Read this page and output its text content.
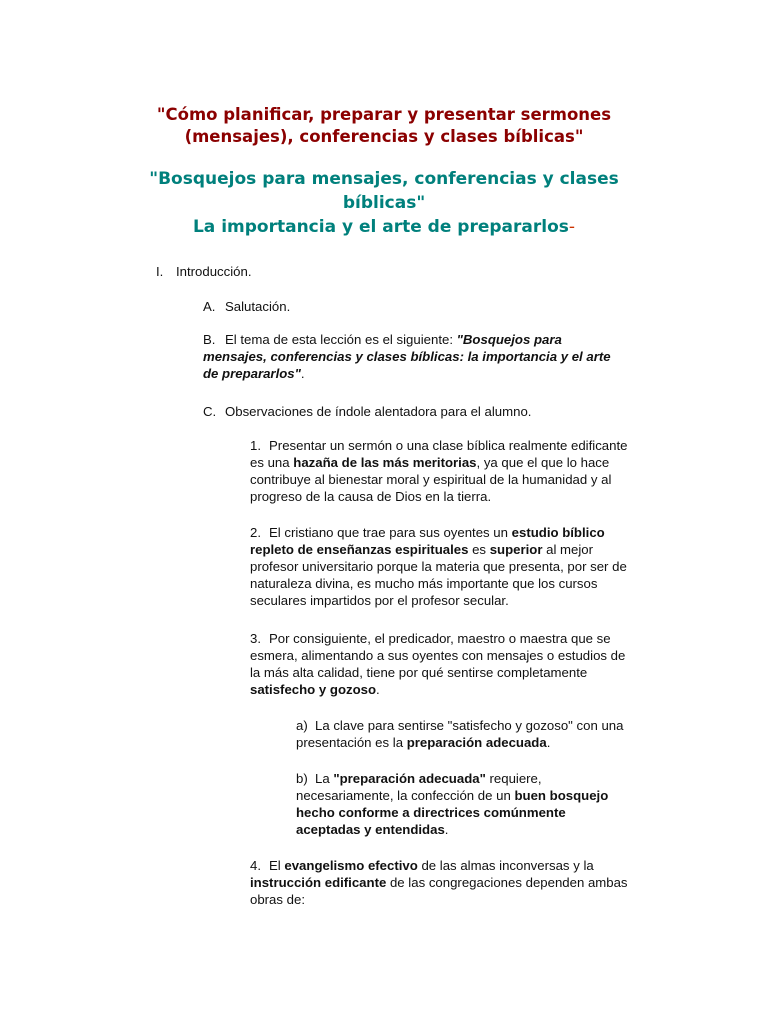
"Cómo planificar, preparar y presentar sermones
(mensajes), conferencias y clases bíblicas"
"Bosquejos para mensajes, conferencias y clases
bíblicas"
La importancia y el arte de prepararlos-
I. Introducción.
A. Salutación.
B. El tema de esta lección es el siguiente: "Bosquejos para
mensajes, conferencias y clases bíblicas: la importancia y el arte
de prepararlos".
C. Observaciones de índole alentadora para el alumno.
1. Presentar un sermón o una clase bíblica realmente edificante
es una hazaña de las más meritorias, ya que el que lo hace
contribuye al bienestar moral y espiritual de la humanidad y al
progreso de la causa de Dios en la tierra.
2. El cristiano que trae para sus oyentes un estudio bíblico
repleto de enseñanzas espirituales es superior al mejor
profesor universitario porque la materia que presenta, por ser de
naturaleza divina, es mucho más importante que los cursos
seculares impartidos por el profesor secular.
3. Por consiguiente, el predicador, maestro o maestra que se
esmera, alimentando a sus oyentes con mensajes o estudios de
la más alta calidad, tiene por qué sentirse completamente
satisfecho y gozoso.
a) La clave para sentirse "satisfecho y gozoso" con una
presentación es la preparación adecuada.
b) La "preparación adecuada" requiere,
necesariamente, la confección de un buen bosquejo
hecho conforme a directrices comúnmente
aceptadas y entendidas.
4. El evangelismo efectivo de las almas inconversas y la
instrucción edificante de las congregaciones dependen ambas
obras de:
